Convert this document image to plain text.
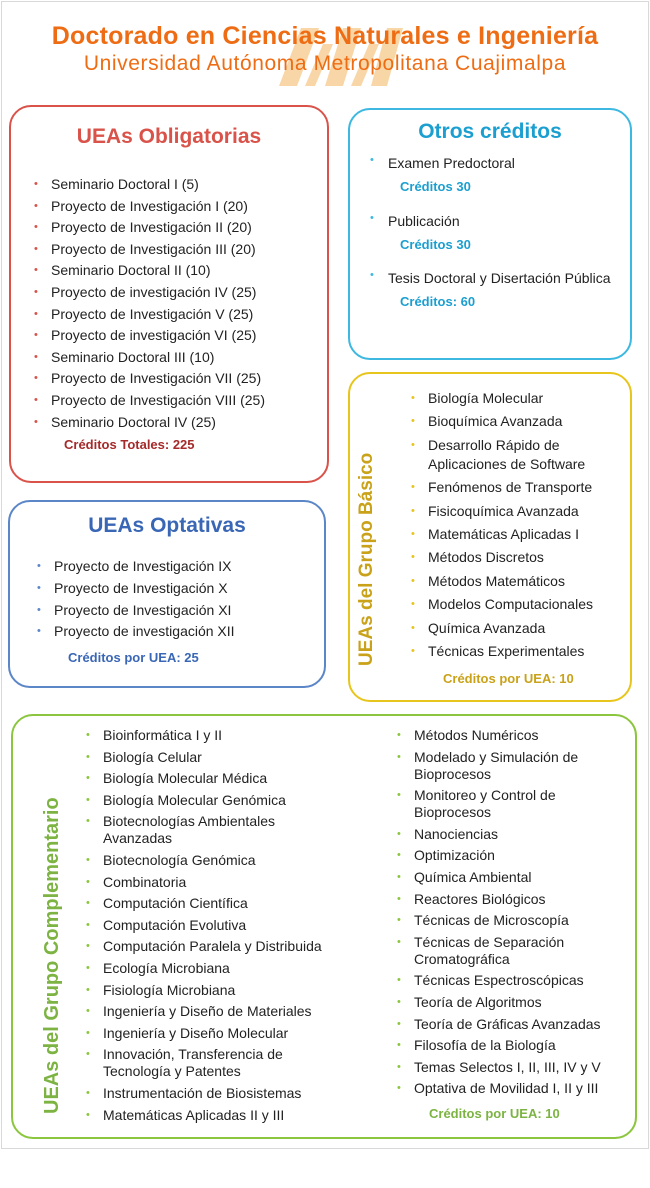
Doctorado en Ciencias Naturales e Ingeniería
Universidad Autónoma Metropolitana Cuajimalpa
UEAs Obligatorias
• Seminario Doctoral I (5)
• Proyecto de Investigación I (20)
• Proyecto de Investigación II (20)
• Proyecto de Investigación III (20)
• Seminario Doctoral II (10)
• Proyecto de investigación IV (25)
• Proyecto de Investigación V (25)
• Proyecto de investigación VI (25)
• Seminario Doctoral III (10)
• Proyecto de Investigación VII (25)
• Proyecto de Investigación VIII (25)
• Seminario Doctoral IV (25)
Créditos Totales: 225
Otros créditos
•	Examen Predoctoral
Créditos 30
•	Publicación
Créditos 30
•	Tesis Doctoral y Disertación Pública
Créditos: 60
UEAs Optativas
• Proyecto de Investigación IX
• Proyecto de Investigación X
• Proyecto de Investigación XI
• Proyecto de investigación XII
Créditos por UEA: 25	UEAs del Grupo Básico
• Biología Molecular
• Bioquímica Avanzada
• Desarrollo Rápido de Aplicaciones de Software
• Fenómenos de Transporte
• Fisicoquímica Avanzada
• Matemáticas Aplicadas I
• Métodos Discretos
• Métodos Matemáticos
• Modelos Computacionales
• Química Avanzada
• Técnicas Experimentales
Créditos por UEA: 10
UEAs del Grupo Complementario
• Bioinformática I y II
• Biología Celular
• Biología Molecular Médica
• Biología Molecular Genómica
• Biotecnologías Ambientales Avanzadas
• Biotecnología Genómica
• Combinatoria
• Computación Científica
• Computación Evolutiva
• Computación Paralela y Distribuida
• Ecología Microbiana
• Fisiología Microbiana
• Ingeniería y Diseño de Materiales
• Ingeniería y Diseño Molecular
• Innovación, Transferencia de Tecnología y Patentes
• Instrumentación de Biosistemas
• Matemáticas Aplicadas II y III
• Métodos Numéricos
• Modelado y Simulación de Bioprocesos
• Monitoreo y Control de Bioprocesos
• Nanociencias
• Optimización
• Química Ambiental
• Reactores Biológicos
• Técnicas de Microscopía
• Técnicas de Separación Cromatográfica
• Técnicas Espectroscópicas
• Teoría de Algoritmos
• Teoría de Gráficas Avanzadas
• Filosofía de la Biología
• Temas Selectos I, II, III, IV y V
• Optativa de Movilidad I, II y III
Créditos por UEA: 10
